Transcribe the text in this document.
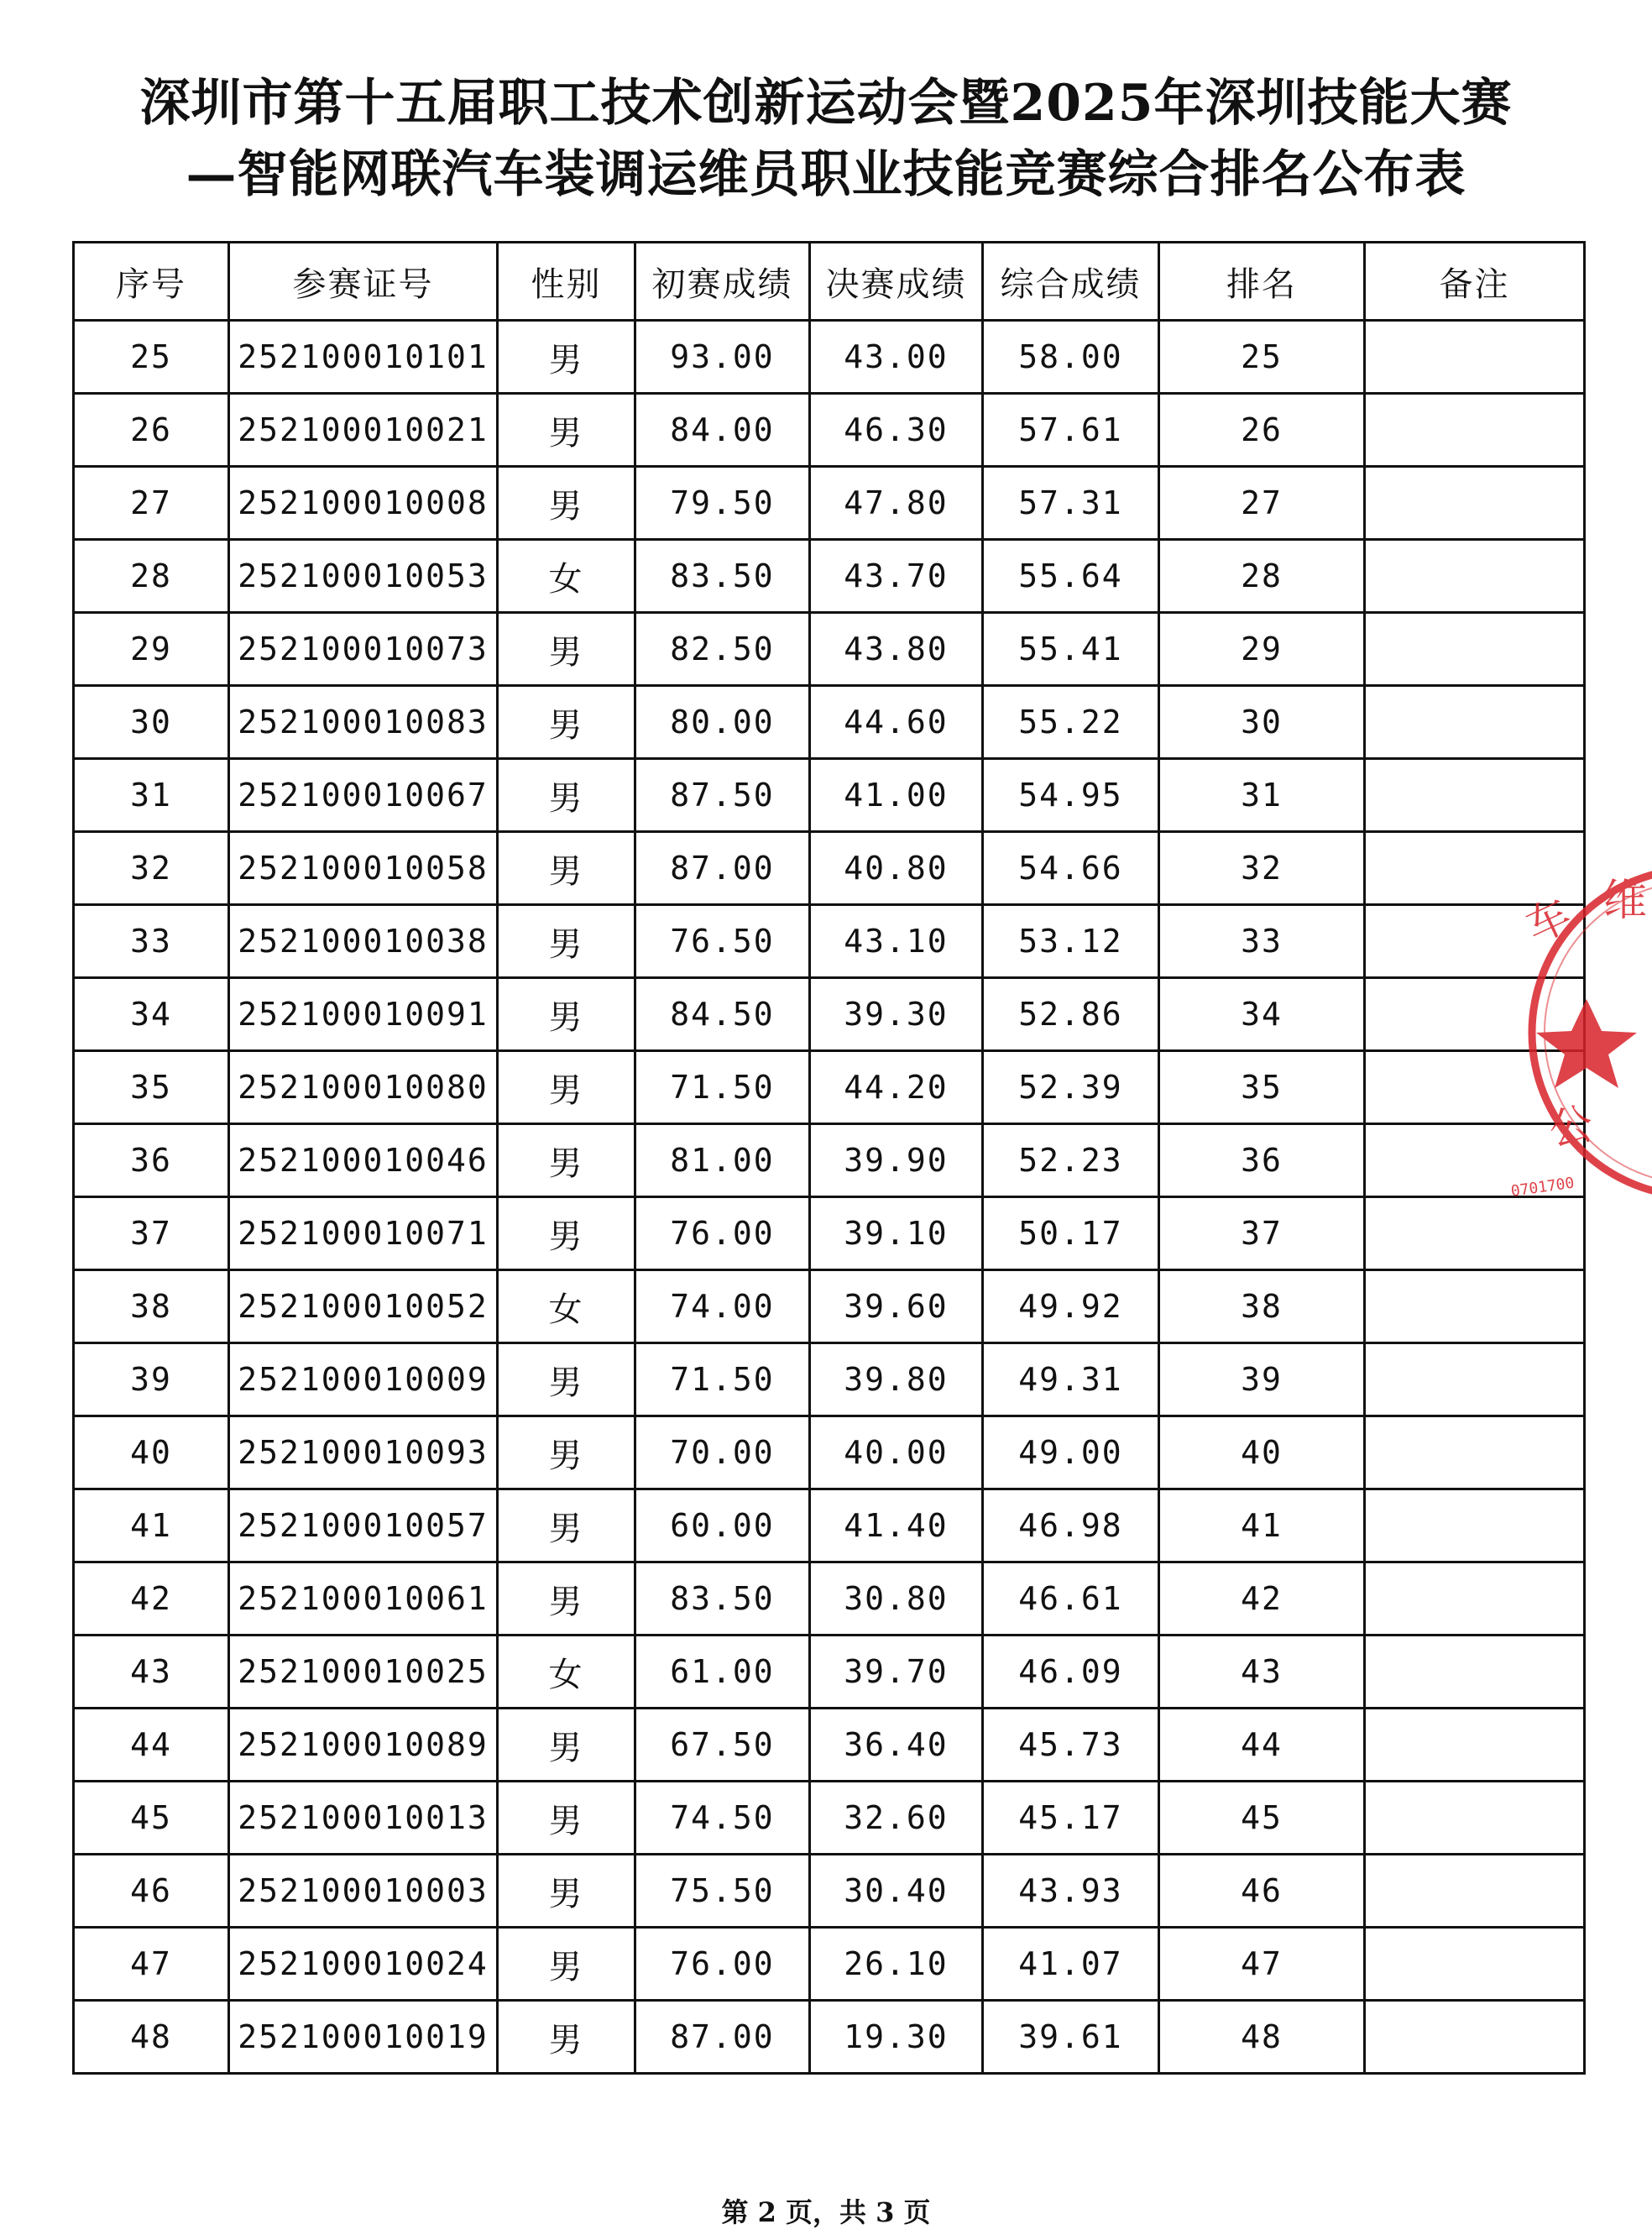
深圳市第十五届职工技术创新运动会暨2025年深圳技能大赛
—智能网联汽车装调运维员职业技能竞赛综合排名公布表
序号	参赛证号	性别	初赛成绩	决赛成绩	综合成绩	排名	备注
25	252100010101	男	93.00	43.00	58.00	25	
26	252100010021	男	84.00	46.30	57.61	26	
27	252100010008	男	79.50	47.80	57.31	27	
28	252100010053	女	83.50	43.70	55.64	28	
29	252100010073	男	82.50	43.80	55.41	29	
30	252100010083	男	80.00	44.60	55.22	30	
31	252100010067	男	87.50	41.00	54.95	31	
32	252100010058	男	87.00	40.80	54.66	32	
33	252100010038	男	76.50	43.10	53.12	33	
34	252100010091	男	84.50	39.30	52.86	34	
35	252100010080	男	71.50	44.20	52.39	35	
36	252100010046	男	81.00	39.90	52.23	36	
37	252100010071	男	76.00	39.10	50.17	37	
38	252100010052	女	74.00	39.60	49.92	38	
39	252100010009	男	71.50	39.80	49.31	39	
40	252100010093	男	70.00	40.00	49.00	40	
41	252100010057	男	60.00	41.40	46.98	41	
42	252100010061	男	83.50	30.80	46.61	42	
43	252100010025	女	61.00	39.70	46.09	43	
44	252100010089	男	67.50	36.40	45.73	44	
45	252100010013	男	74.50	32.60	45.17	45	
46	252100010003	男	75.50	30.40	43.93	46	
47	252100010024	男	76.00	26.10	41.07	47	
48	252100010019	男	87.00	19.30	39.61	48	
车 维
公
0701700
第 2 页，共 3 页
